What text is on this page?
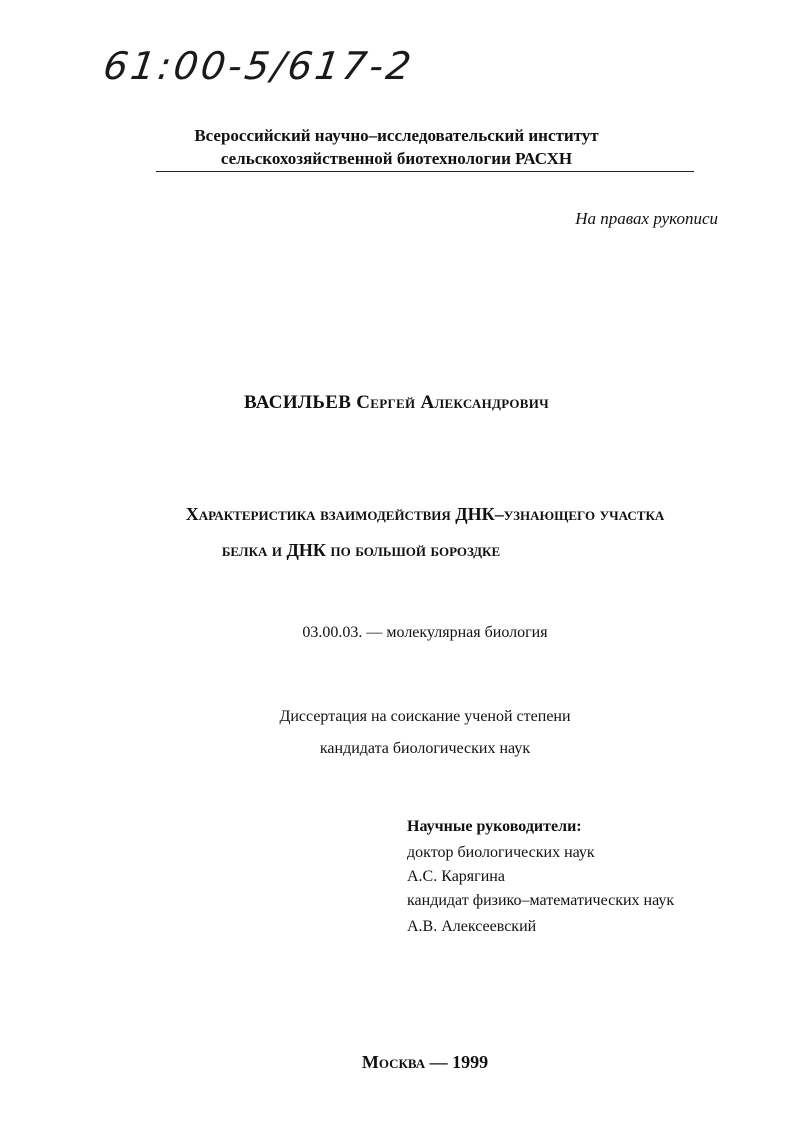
61:00-5/617-2
Всероссийский научно–исследовательский институт
сельскохозяйственной биотехнологии РАСХН
На правах рукописи
ВАСИЛЬЕВ Сергей Александрович
Характеристика взаимодействия ДНК–узнающего участка
белка и ДНК по большой бороздке
03.00.03. — молекулярная биология
Диссертация на соискание ученой степени
кандидата биологических наук
Научные руководители:
доктор биологических наук
А.С. Карягина
кандидат физико–математических наук
А.В. Алексеевский
Москва — 1999
